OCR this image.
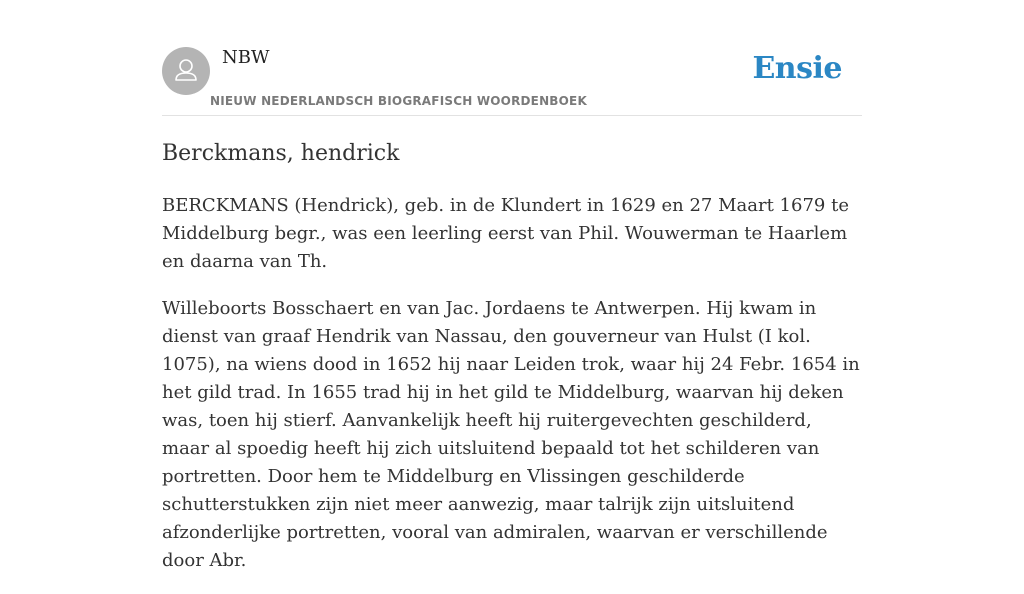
NBW
NIEUW NEDERLANDSCH BIOGRAFISCH WOORDENBOEK
Ensie
Berckmans, hendrick

BERCKMANS (Hendrick), geb. in de Klundert in 1629 en 27 Maart 1679 te Middelburg begr., was een leerling eerst van Phil. Wouwerman te Haarlem en daarna van Th.

Willeboorts Bosschaert en van Jac. Jordaens te Antwerpen. Hij kwam in dienst van graaf Hendrik van Nassau, den gouverneur van Hulst (I kol. 1075), na wiens dood in 1652 hij naar Leiden trok, waar hij 24 Febr. 1654 in het gild trad. In 1655 trad hij in het gild te Middelburg, waarvan hij deken was, toen hij stierf. Aanvankelijk heeft hij ruitergevechten geschilderd, maar al spoedig heeft hij zich uitsluitend bepaald tot het schilderen van portretten. Door hem te Middelburg en Vlissingen geschilderde schutterstukken zijn niet meer aanwezig, maar talrijk zijn uitsluitend afzonderlijke portretten, vooral van admiralen, waarvan er verschillende door Abr.
